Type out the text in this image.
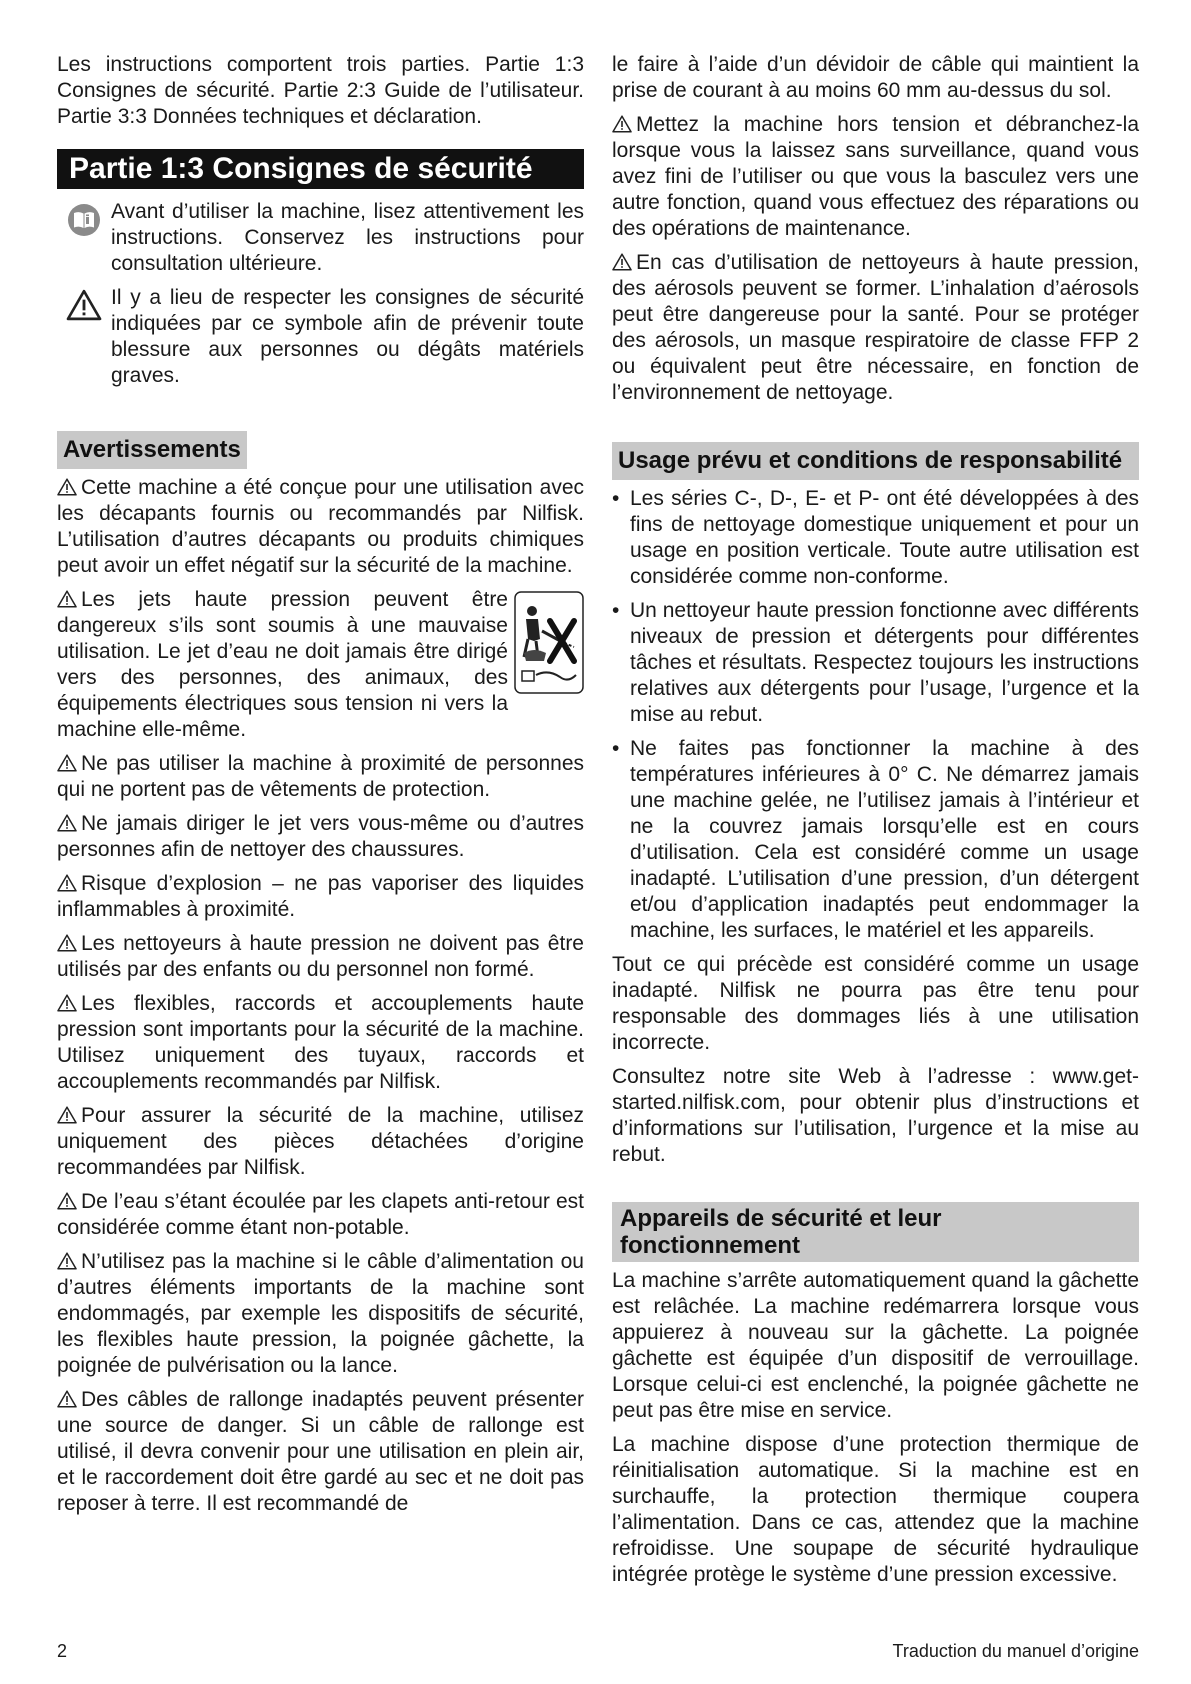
Les instructions comportent trois parties. Partie 1:3 Consignes de sécurité. Partie 2:3 Guide de l’utilisateur. Partie 3:3 Données techniques et déclaration.

Partie 1:3 Consignes de sécurité

Avant d’utiliser la machine, lisez attentivement les instructions. Conservez les instructions pour consultation ultérieure.

Il y a lieu de respecter les consignes de sécurité indiquées par ce symbole afin de prévenir toute blessure aux personnes ou dégâts matériels graves.

Avertissements

Cette machine a été conçue pour une utilisation avec les décapants fournis ou recommandés par Nilfisk. L’utilisation d’autres décapants ou produits chimiques peut avoir un effet négatif sur la sécurité de la machine.

Les jets haute pression peuvent être dangereux s’ils sont soumis à une mauvaise utilisation. Le jet d’eau ne doit jamais être dirigé vers des personnes, des animaux, des équipements électriques sous tension ni vers la machine elle-même.

Ne pas utiliser la machine à proximité de personnes qui ne portent pas de vêtements de protection.

Ne jamais diriger le jet vers vous-même ou d’autres personnes afin de nettoyer des chaussures.

Risque d’explosion – ne pas vaporiser des liquides inflammables à proximité.

Les nettoyeurs à haute pression ne doivent pas être utilisés par des enfants ou du personnel non formé.

Les flexibles, raccords et accouplements haute pression sont importants pour la sécurité de la machine. Utilisez uniquement des tuyaux, raccords et accouplements recommandés par Nilfisk.

Pour assurer la sécurité de la machine, utilisez uniquement des pièces détachées d’origine recommandées par Nilfisk.

De l’eau s’étant écoulée par les clapets anti-retour est considérée comme étant non-potable.

N’utilisez pas la machine si le câble d’alimentation ou d’autres éléments importants de la machine sont endommagés, par exemple les dispositifs de sécurité, les flexibles haute pression, la poignée gâchette, la poignée de pulvérisation ou la lance.

Des câbles de rallonge inadaptés peuvent présenter une source de danger. Si un câble de rallonge est utilisé, il devra convenir pour une utilisation en plein air, et le raccordement doit être gardé au sec et ne doit pas reposer à terre. Il est recommandé de

le faire à l’aide d’un dévidoir de câble qui maintient la prise de courant à au moins 60 mm au-dessus du sol.

Mettez la machine hors tension et débranchez-la lorsque vous la laissez sans surveillance, quand vous avez fini de l’utiliser ou que vous la basculez vers une autre fonction, quand vous effectuez des réparations ou des opérations de maintenance.

En cas d’utilisation de nettoyeurs à haute pression, des aérosols peuvent se former. L’inhalation d’aérosols peut être dangereuse pour la santé. Pour se protéger des aérosols, un masque respiratoire de classe FFP 2 ou équivalent peut être nécessaire, en fonction de l’environnement de nettoyage.

Usage prévu et conditions de responsabilité
• Les séries C-, D-, E- et P- ont été développées à des fins de nettoyage domestique uniquement et pour un usage en position verticale. Toute autre utilisation est considérée comme non-conforme.
• Un nettoyeur haute pression fonctionne avec différents niveaux de pression et détergents pour différentes tâches et résultats. Respectez toujours les instructions relatives aux détergents pour l’usage, l’urgence et la mise au rebut.
• Ne faites pas fonctionner la machine à des températures inférieures à 0° C. Ne démarrez jamais une machine gelée, ne l’utilisez jamais à l’intérieur et ne la couvrez jamais lorsqu’elle est en cours d’utilisation. Cela est considéré comme un usage inadapté. L’utilisation d’une pression, d’un détergent et/ou d’application inadaptés peut endommager la machine, les surfaces, le matériel et les appareils.

Tout ce qui précède est considéré comme un usage inadapté. Nilfisk ne pourra pas être tenu pour responsable des dommages liés à une utilisation incorrecte.

Consultez notre site Web à l’adresse : www.get-started.nilfisk.com, pour obtenir plus d’instructions et d’informations sur l’utilisation, l’urgence et la mise au rebut.

Appareils de sécurité et leur
fonctionnement

La machine s’arrête automatiquement quand la gâchette est relâchée. La machine redémarrera lorsque vous appuierez à nouveau sur la gâchette. La poignée gâchette est équipée d’un dispositif de verrouillage. Lorsque celui-ci est enclenché, la poignée gâchette ne peut pas être mise en service.

La machine dispose d’une protection thermique de réinitialisation automatique. Si la machine est en surchauffe, la protection thermique coupera l’alimentation. Dans ce cas, attendez que la machine refroidisse. Une soupape de sécurité hydraulique intégrée protège le système d’une pression excessive.

2	Traduction du manuel d’origine
